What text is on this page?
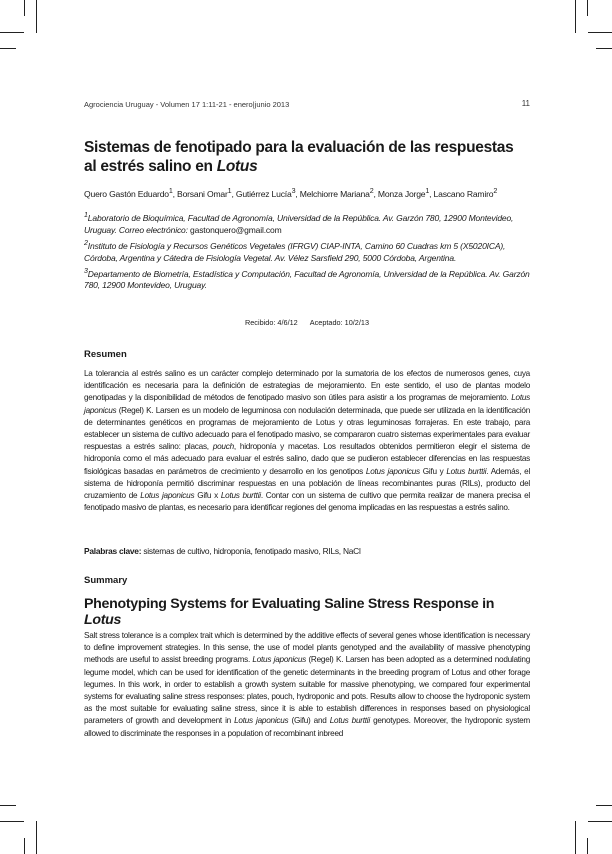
Agrociencia Uruguay - Volumen 17 1:11-21 - enero|junio 2013	11
Sistemas de fenotipado para la evaluación de las respuestas al estrés salino en Lotus
Quero Gastón Eduardo$^1$, Borsani Omar$^1$, Gutiérrez Lucía$^3$, Melchiorre Mariana$^2$, Monza Jorge$^1$, Lascano Ramiro$^2$

$^1$Laboratorio de Bioquímica, Facultad de Agronomía, Universidad de la República. Av. Garzón 780, 12900 Montevideo, Uruguay. Correo electrónico: gastonquero@gmail.com

$^2$Instituto de Fisiología y Recursos Genéticos Vegetales (IFRGV) CIAP-INTA, Camino 60 Cuadras km 5 (X5020ICA), Córdoba, Argentina y Cátedra de Fisiología Vegetal. Av. Vélez Sarsfield 290, 5000 Córdoba, Argentina.

$^3$Departamento de Biometría, Estadística y Computación, Facultad de Agronomía, Universidad de la República. Av. Garzón 780, 12900 Montevideo, Uruguay.

Recibido: 4/6/12 Aceptado: 10/2/13
Resumen

La tolerancia al estrés salino es un carácter complejo determinado por la sumatoria de los efectos de numerosos genes, cuya identificación es necesaria para la definición de estrategias de mejoramiento. En este sentido, el uso de plantas modelo genotipadas y la disponibilidad de métodos de fenotipado masivo son útiles para asistir a los programas de mejoramiento. Lotus japonicus (Regel) K. Larsen es un modelo de leguminosa con nodulación determinada, que puede ser utilizada en la identificación de determinantes genéticos en programas de mejoramiento de Lotus y otras leguminosas forrajeras. En este trabajo, para establecer un sistema de cultivo adecuado para el fenotipado masivo, se compararon cuatro sistemas experimentales para evaluar respuestas a estrés salino: placas, pouch, hidroponía y macetas. Los resultados obtenidos permitieron elegir el sistema de hidroponía como el más adecuado para evaluar el estrés salino, dado que se pudieron establecer diferencias en las respuestas fisiológicas basadas en parámetros de crecimiento y desarrollo en los genotipos Lotus japonicus Gifu y Lotus burttii. Además, el sistema de hidroponía permitió discriminar respuestas en una población de líneas recombinantes puras (RILs), producto del cruzamiento de Lotus japonicus Gifu x Lotus burttii. Contar con un sistema de cultivo que permita realizar de manera precisa el fenotipado masivo de plantas, es necesario para identificar regiones del genoma implicadas en las respuestas a estrés salino.

Palabras clave: sistemas de cultivo, hidroponía, fenotipado masivo, RILs, NaCl
Summary
Phenotyping Systems for Evaluating Saline Stress Response in Lotus

Salt stress tolerance is a complex trait which is determined by the additive effects of several genes whose identification is necessary to define improvement strategies. In this sense, the use of model plants genotyped and the availability of massive phenotyping methods are useful to assist breeding programs. Lotus japonicus (Regel) K. Larsen has been adopted as a determined nodulating legume model, which can be used for identification of the genetic determinants in the breeding program of Lotus and other forage legumes. In this work, in order to establish a growth system suitable for massive phenotyping, we compared four experimental systems for evaluating saline stress responses: plates, pouch, hydroponic and pots. Results allow to choose the hydroponic system as the most suitable for evaluating saline stress, since it is able to establish differences in responses based on physiological parameters of growth and development in Lotus japonicus (Gifu) and Lotus burttii genotypes. Moreover, the hydroponic system allowed to discriminate the responses in a population of recombinant inbreed
